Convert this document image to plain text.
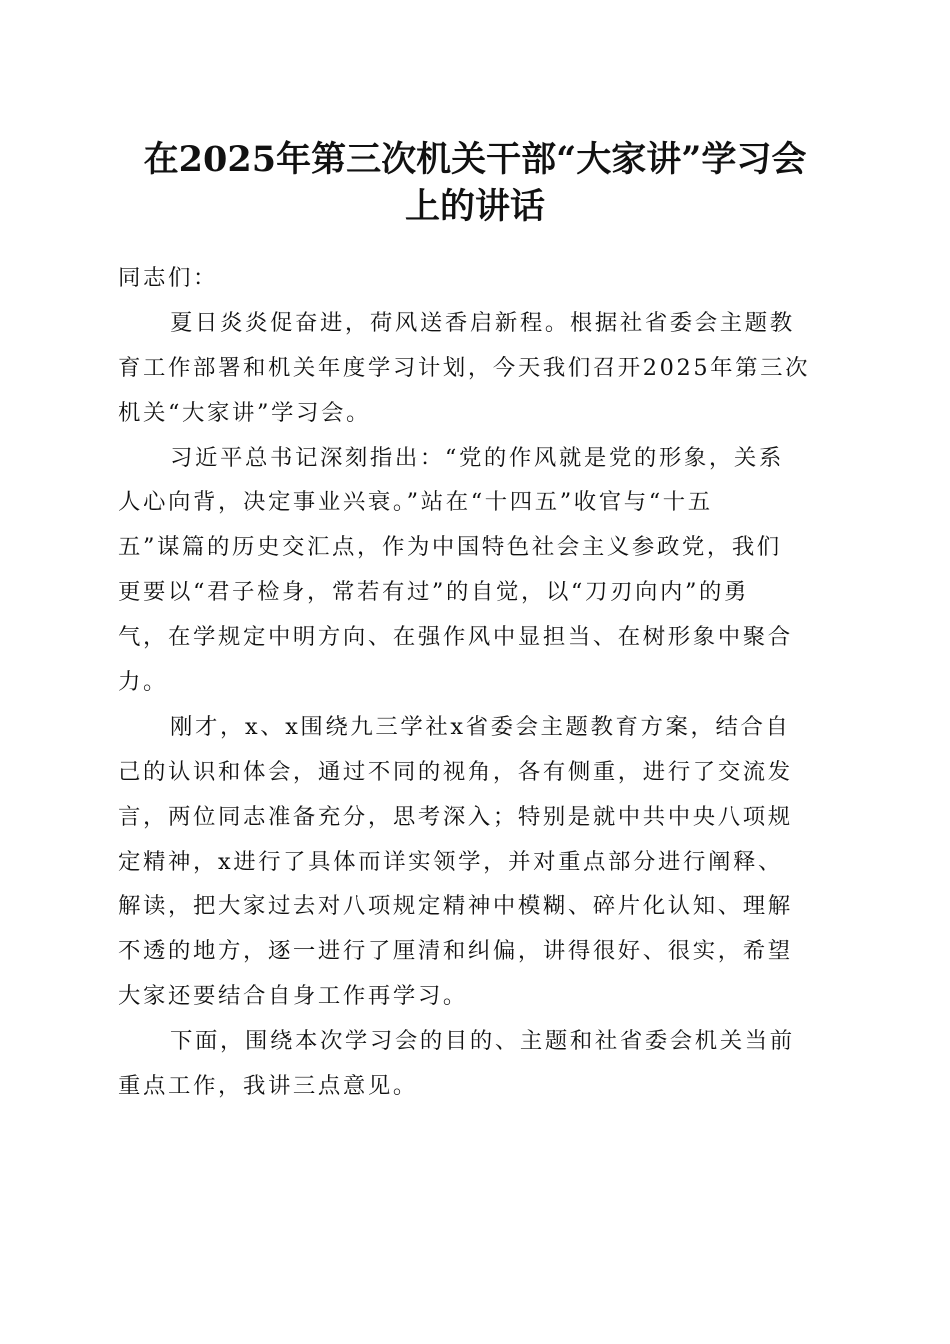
在2025年第三次机关干部“大家讲”学习会
上的讲话
同志们：
夏日炎炎促奋进，荷风送香启新程。根据社省委会主题教
育工作部署和机关年度学习计划，今天我们召开2025年第三次
机关“大家讲”学习会。
习近平总书记深刻指出：“党的作风就是党的形象，关系
人心向背，决定事业兴衰。”站在“十四五”收官与“十五
五”谋篇的历史交汇点，作为中国特色社会主义参政党，我们
更要以“君子检身，常若有过”的自觉，以“刀刃向内”的勇
气，在学规定中明方向、在强作风中显担当、在树形象中聚合
力。
刚才，x、x围绕九三学社x省委会主题教育方案，结合自
己的认识和体会，通过不同的视角，各有侧重，进行了交流发
言，两位同志准备充分，思考深入；特别是就中共中央八项规
定精神，x进行了具体而详实领学，并对重点部分进行阐释、
解读，把大家过去对八项规定精神中模糊、碎片化认知、理解
不透的地方，逐一进行了厘清和纠偏，讲得很好、很实，希望
大家还要结合自身工作再学习。
下面，围绕本次学习会的目的、主题和社省委会机关当前
重点工作，我讲三点意见。
